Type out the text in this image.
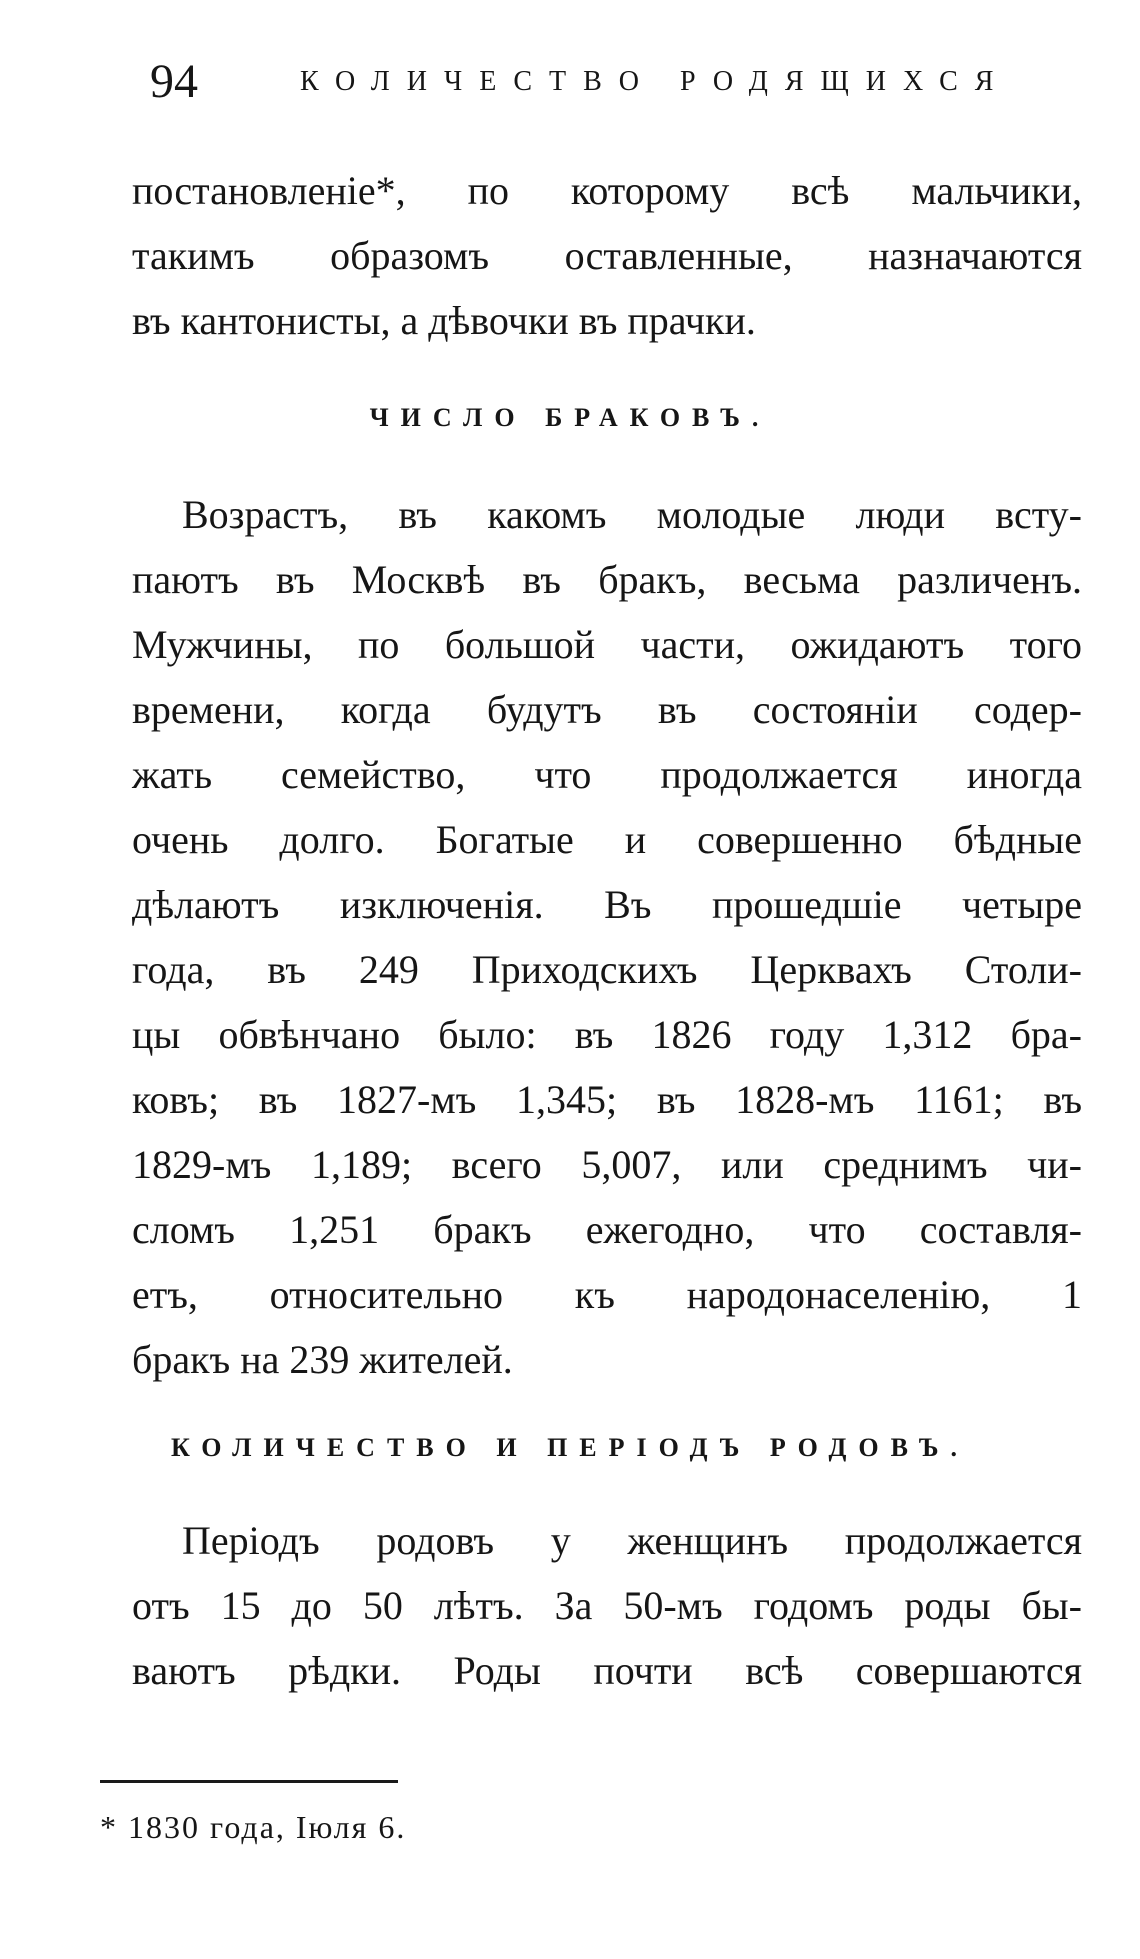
94	КОЛИЧЕСТВО РОДЯЩИХСЯ
постановленіе*, по которому всѣ мальчики,
такимъ образомъ оставленные, назначаются
въ кантонисты, а дѣвочки въ прачки.
ЧИСЛО БРАКОВЪ.
Возрастъ, въ какомъ молодые люди всту-
паютъ въ Москвѣ въ бракъ, весьма различенъ.
Мужчины, по большой части, ожидаютъ того
времени, когда будутъ въ состояніи содер-
жать семейство, что продолжается иногда
очень долго. Богатые и совершенно бѣдные
дѣлаютъ изключенія. Въ прошедшіе четыре
года, въ 249 Приходскихъ Церквахъ Столи-
цы обвѣнчано было: въ 1826 году 1,312 бра-
ковъ; въ 1827-мъ 1,345; въ 1828-мъ 1161; въ
1829-мъ 1,189; всего 5,007, или среднимъ чи-
сломъ 1,251 бракъ ежегодно, что составля-
етъ, относительно къ народонаселенію, 1
бракъ на 239 жителей.
КОЛИЧЕСТВО И ПЕРІОДЪ РОДОВЪ.
Періодъ родовъ у женщинъ продолжается
отъ 15 до 50 лѣтъ. За 50-мъ годомъ роды бы-
ваютъ рѣдки. Роды почти всѣ совершаются
* 1830 года, Іюля 6.
